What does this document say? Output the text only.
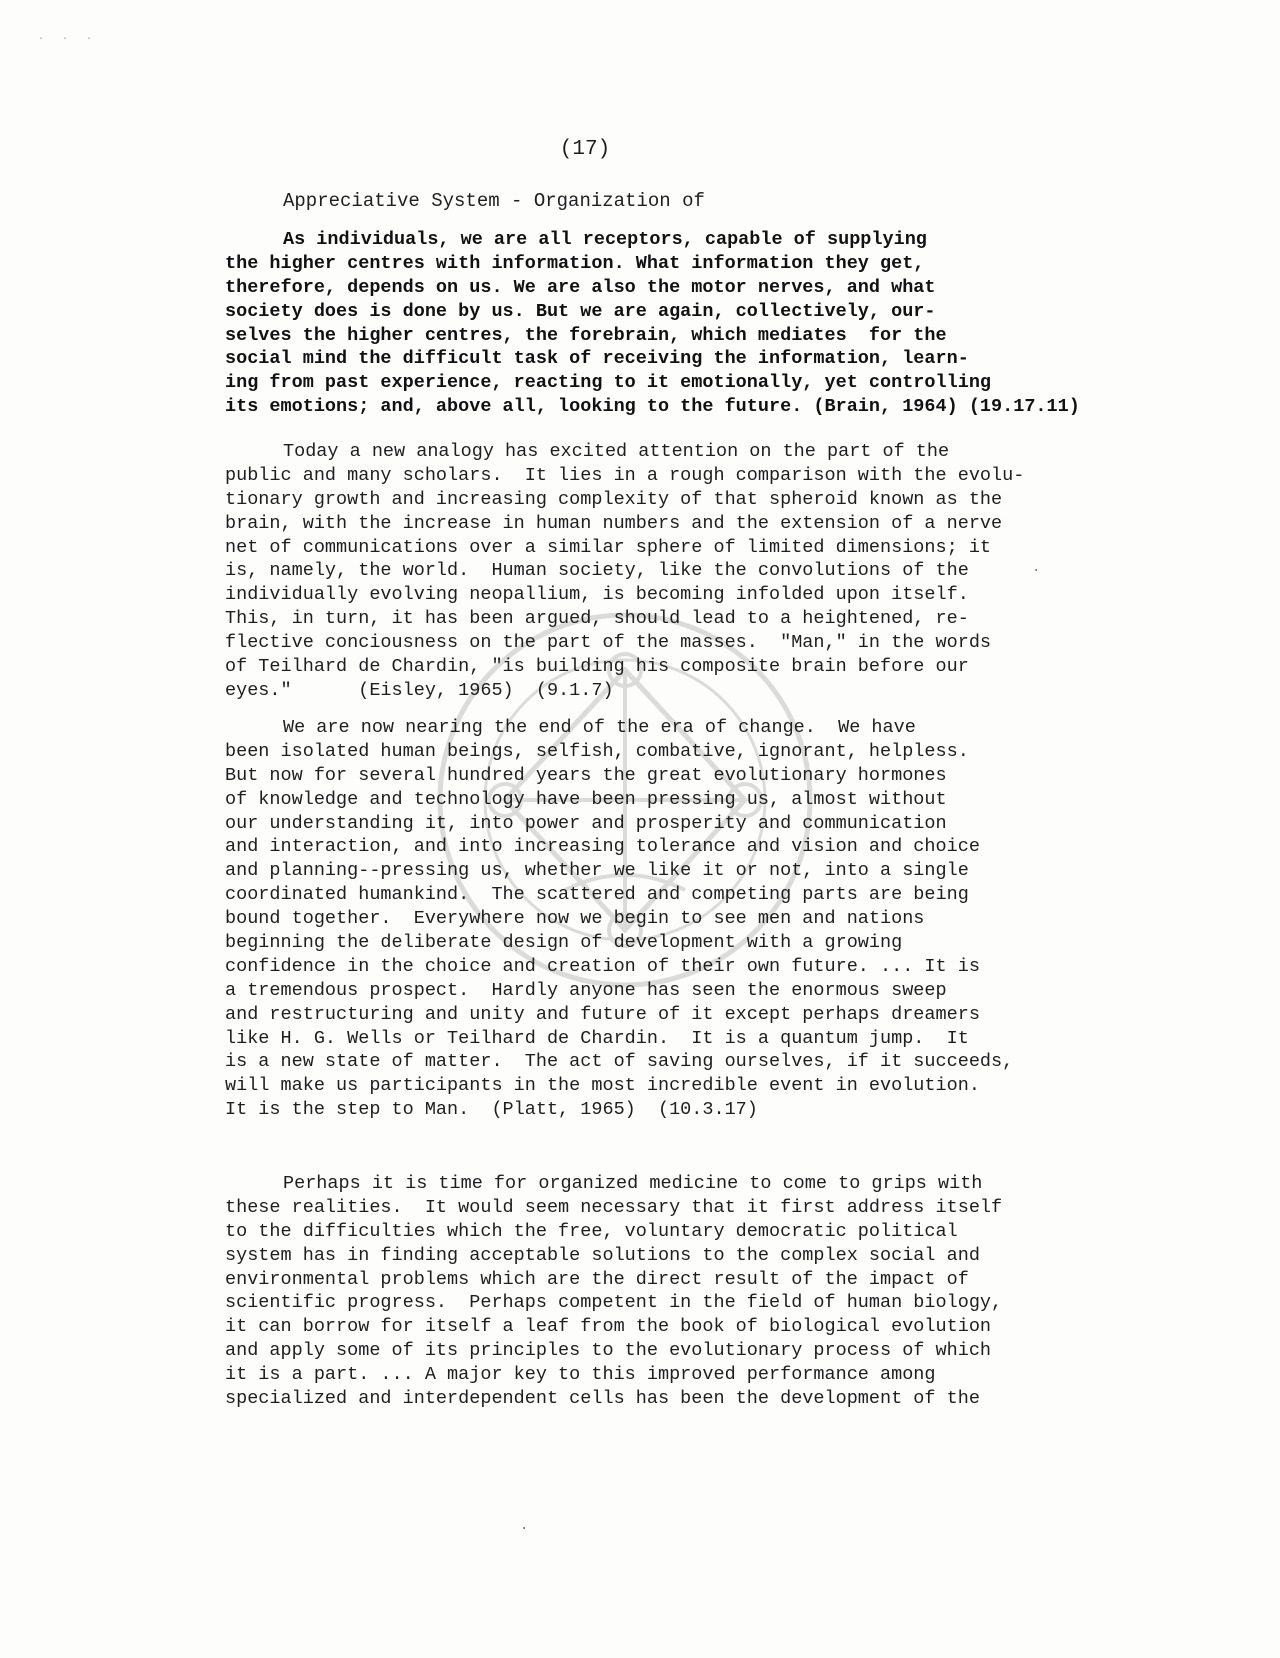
· · ·
.
.
(17)
Appreciative System - Organization of
As individuals, we are all receptors, capable of supplying
the higher centres with information. What information they get,
therefore, depends on us. We are also the motor nerves, and what
society does is done by us. But we are again, collectively, our-
selves the higher centres, the forebrain, which mediates  for the
social mind the difficult task of receiving the information, learn-
ing from past experience, reacting to it emotionally, yet controlling
its emotions; and, above all, looking to the future. (Brain, 1964) (19.17.11)
Today a new analogy has excited attention on the part of the
public and many scholars.  It lies in a rough comparison with the evolu-
tionary growth and increasing complexity of that spheroid known as the
brain, with the increase in human numbers and the extension of a nerve
net of communications over a similar sphere of limited dimensions; it
is, namely, the world.  Human society, like the convolutions of the
individually evolving neopallium, is becoming infolded upon itself.
This, in turn, it has been argued, should lead to a heightened, re-
flective conciousness on the part of the masses.  "Man," in the words
of Teilhard de Chardin, "is building his composite brain before our
eyes."      (Eisley, 1965)  (9.1.7)
We are now nearing the end of the era of change.  We have
been isolated human beings, selfish, combative, ignorant, helpless.
But now for several hundred years the great evolutionary hormones
of knowledge and technology have been pressing us, almost without
our understanding it, into power and prosperity and communication
and interaction, and into increasing tolerance and vision and choice
and planning--pressing us, whether we like it or not, into a single
coordinated humankind.  The scattered and competing parts are being
bound together.  Everywhere now we begin to see men and nations
beginning the deliberate design of development with a growing
confidence in the choice and creation of their own future. ... It is
a tremendous prospect.  Hardly anyone has seen the enormous sweep
and restructuring and unity and future of it except perhaps dreamers
like H. G. Wells or Teilhard de Chardin.  It is a quantum jump.  It
is a new state of matter.  The act of saving ourselves, if it succeeds,
will make us participants in the most incredible event in evolution.
It is the step to Man.  (Platt, 1965)  (10.3.17)
Perhaps it is time for organized medicine to come to grips with
these realities.  It would seem necessary that it first address itself
to the difficulties which the free, voluntary democratic political
system has in finding acceptable solutions to the complex social and
environmental problems which are the direct result of the impact of
scientific progress.  Perhaps competent in the field of human biology,
it can borrow for itself a leaf from the book of biological evolution
and apply some of its principles to the evolutionary process of which
it is a part. ... A major key to this improved performance among
specialized and interdependent cells has been the development of the
